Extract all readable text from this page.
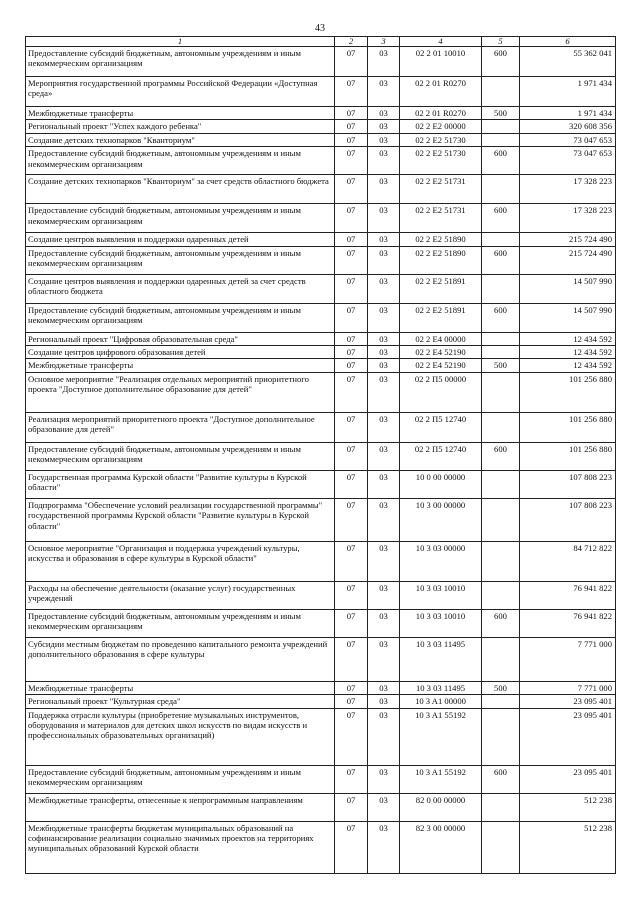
43
1	2	3	4	5	6
Предоставление субсидий бюджетным, автономным учреждениям и иным некоммерческим организациям	07	03	02 2 01 10010	600	55 362 041
Мероприятия государственной программы Российской Федерации «Доступная среда»	07	03	02 2 01 R0270		1 971 434
Межбюджетные трансферты	07	03	02 2 01 R0270	500	1 971 434
Региональный проект "Успех каждого ребенка"	07	03	02 2 E2 00000		320 608 356
Создание детских технопарков "Кванториум"	07	03	02 2 E2 51730		73 047 653
Предоставление субсидий бюджетным, автономным учреждениям и иным некоммерческим организациям	07	03	02 2 E2 51730	600	73 047 653
Создание детских технопарков "Кванториум" за счет средств областного бюджета	07	03	02 2 E2 51731		17 328 223
Предоставление субсидий бюджетным, автономным учреждениям и иным некоммерческим организациям	07	03	02 2 E2 51731	600	17 328 223
Создание центров выявления и поддержки одаренных детей	07	03	02 2 E2 51890		215 724 490
Предоставление субсидий бюджетным, автономным учреждениям и иным некоммерческим организациям	07	03	02 2 E2 51890	600	215 724 490
Создание центров выявления и поддержки одаренных детей за счет средств областного бюджета	07	03	02 2 E2 51891		14 507 990
Предоставление субсидий бюджетным, автономным учреждениям и иным некоммерческим организациям	07	03	02 2 E2 51891	600	14 507 990
Региональный проект "Цифровая образовательная среда"	07	03	02 2 E4 00000		12 434 592
Создание центров цифрового образования детей	07	03	02 2 E4 52190		12 434 592
Межбюджетные трансферты	07	03	02 2 E4 52190	500	12 434 592
Основное мероприятие "Реализация отдельных мероприятий приоритетного проекта "Доступное дополнительное образование для детей"	07	03	02 2 П5 00000		101 256 880
Реализация мероприятий приоритетного проекта "Доступное дополнительное образование для детей"	07	03	02 2 П5 12740		101 256 880
Предоставление субсидий бюджетным, автономным учреждениям и иным некоммерческим организациям	07	03	02 2 П5 12740	600	101 256 880
Государственная программа Курской области "Развитие культуры в Курской области"	07	03	10 0 00 00000		107 808 223
Подпрограмма "Обеспечение условий реализации государственной программы" государственной программы Курской области "Развитие культуры в Курской области"	07	03	10 3 00 00000		107 808 223
Основное мероприятие "Организация и поддержка учреждений культуры, искусства и образования в сфере культуры в Курской области"	07	03	10 3 03 00000		84 712 822
Расходы на обеспечение деятельности (оказание услуг) государственных учреждений	07	03	10 3 03 10010		76 941 822
Предоставление субсидий бюджетным, автономным учреждениям и иным некоммерческим организациям	07	03	10 3 03 10010	600	76 941 822
Субсидии местным бюджетам по проведению капитального ремонта учреждений дополнительного образования в сфере культуры	07	03	10 3 03 11495		7 771 000
Межбюджетные трансферты	07	03	10 3 03 11495	500	7 771 000
Региональный проект "Культурная среда"	07	03	10 3 A1 00000		23 095 401
Поддержка отрасли культуры (приобретение музыкальных инструментов, оборудования и материалов для детских школ искусств по видам искусств и профессиональных образовательных организаций)	07	03	10 3 A1 55192		23 095 401
Предоставление субсидий бюджетным, автономным учреждениям и иным некоммерческим организациям	07	03	10 3 A1 55192	600	23 095 401
Межбюджетные трансферты, отнесенные к непрограммным направлениям	07	03	82 0 00 00000		512 238
Межбюджетные трансферты бюджетам муниципальных образований на софинансирование реализации социально значимых проектов на территориях муниципальных образований Курской области	07	03	82 3 00 00000		512 238
